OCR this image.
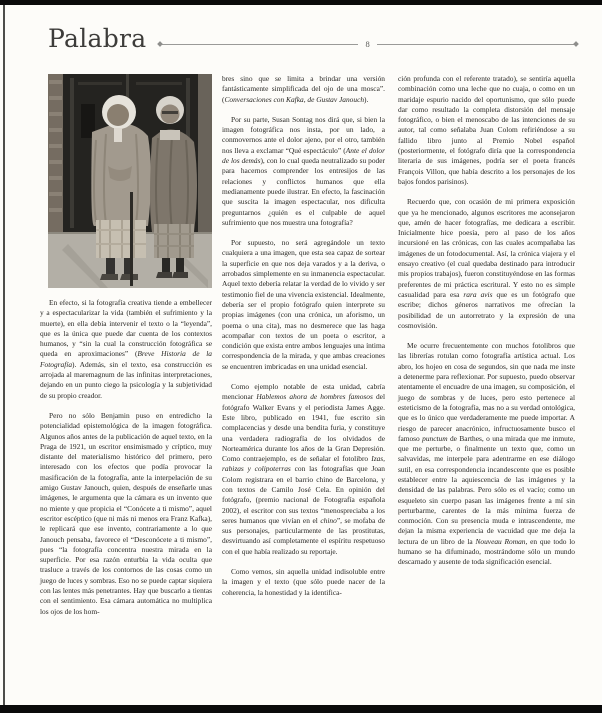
Palabra	8

En efecto, si la fotografía creativa tiende a embellecer y a espectacularizar la vida (también el sufrimiento y la muerte), en ella debía intervenir el texto o la “leyenda”, que es la única que puede dar cuenta de los contextos humanos, y “sin la cual la construcción fotográfica se queda en aproximaciones” (Breve Historia de la Fotografía). Además, sin el texto, esa construcción es arrojada al maremagnum de las infinitas interpretaciones, dejando en un punto ciego la psicología y la subjetividad de su propio creador.

Pero no sólo Benjamin puso en entredicho la potencialidad epistemológica de la imagen fotográfica. Algunos años antes de la publicación de aquel texto, en la Praga de 1921, un escritor ensimismado y críptico, muy distante del materialismo histórico del primero, pero interesado con los efectos que podía provocar la masificación de la fotografía, ante la interpelación de su amigo Gustav Janouch, quien, después de enseñarle unas imágenes, le argumenta que la cámara es un invento que no miente y que propicia el “Conócete a ti mismo”, aquel escritor escéptico (que ni más ni menos era Franz Kafka), le replicará que ese invento, contrariamente a lo que Janouch pensaba, favorece el “Desconócete a ti mismo”, pues “la fotografía concentra nuestra mirada en la superficie. Por esa razón enturbia la vida oculta que trasluce a través de los contornos de las cosas como un juego de luces y sombras. Eso no se puede captar siquiera con las lentes más penetrantes. Hay que buscarlo a tientas con el sentimiento. Esa cámara automática no multiplica los ojos de los hom-

bres sino que se limita a brindar una versión fantásticamente simplificada del ojo de una mosca”. (Conversaciones con Kafka, de Gustav Janouch).

Por su parte, Susan Sontag nos dirá que, si bien la imagen fotográfica nos insta, por un lado, a conmovernos ante el dolor ajeno, por el otro, también nos lleva a exclamar “Qué espectáculo” (Ante el dolor de los demás), con lo cual queda neutralizado su poder para hacernos comprender los entresijos de las relaciones y conflictos humanos que ella medianamente puede ilustrar. En efecto, la fascinación que suscita la imagen espectacular, nos dificulta preguntarnos ¿quién es el culpable de aquel sufrimiento que nos muestra una fotografía?

Por supuesto, no será agregándole un texto cualquiera a una imagen, que esta sea capaz de sortear la superficie en que nos deja varados y a la deriva, o arrobados simplemente en su inmanencia espectacular. Aquel texto debería relatar la verdad de lo vivido y ser testimonio fiel de una vivencia existencial. Idealmente, debería ser el propio fotógrafo quien interprete su propias imágenes (con una crónica, un aforismo, un poema o una cita), mas no desmerece que las haga acompañar con textos de un poeta o escritor, a condición que exista entre ambos lenguajes una íntima correspondencia de la mirada, y que ambas creaciones se encuentren imbricadas en una unidad esencial.

Como ejemplo notable de esta unidad, cabría mencionar Hablemos ahora de hombres famosos del fotógrafo Walker Evans y el periodista James Agge. Este libro, publicado en 1941, fue escrito sin complacencias y desde una bendita furia, y constituye una verdadera radiografía de los olvidados de Norteamérica durante los años de la Gran Depresión. Como contraejemplo, es de señalar el fotolibro Izas, rabizas y colipoterras con las fotografías que Joan Colom registrara en el barrio chino de Barcelona, y con textos de Camilo José Cela. En opinión del fotógrafo, (premio nacional de Fotografía española 2002), el escritor con sus textos “menospreciaba a los seres humanos que vivían en el chino”, se mofaba de sus personajes, particularmente de las prostitutas, desvirtuando así completamente el espíritu respetuoso con el que había realizado su reportaje.

Como vemos, sin aquella unidad indisoluble entre la imagen y el texto (que sólo puede nacer de la coherencia, la honestidad y la identifica-

ción profunda con el referente tratado), se sentiría aquella combinación como una leche que no cuaja, o como en un maridaje espurio nacido del oportunismo, que sólo puede dar como resultado la completa distorsión del mensaje fotográfico, o bien el menoscabo de las intenciones de su autor, tal como señalaba Juan Colom refiriéndose a su fallido libro junto al Premio Nobel español (posteriormente, el fotógrafo diría que la correspondencia literaria de sus imágenes, podría ser el poeta francés François Villon, que había descrito a los personajes de los bajos fondos parisinos).

Recuerdo que, con ocasión de mi primera exposición que ya he mencionado, algunos escritores me aconsejaron que, amén de hacer fotografías, me dedicara a escribir. Inicialmente hice poesía, pero al paso de los años incursioné en las crónicas, con las cuales acompañaba las imágenes de un fotodocumental. Así, la crónica viajera y el ensayo creativo (el cual quedaba destinado para introducir mis propios trabajos), fueron constituyéndose en las formas preferentes de mi práctica escritural. Y esto no es simple casualidad para esa rara avis que es un fotógrafo que escribe; dichos géneros narrativos me ofrecían la posibilidad de un autorretrato y la expresión de una cosmovisión.

Me ocurre frecuentemente con muchos fotolibros que las librerías rotulan como fotografía artística actual. Los abro, los hojeo en cosa de segundos, sin que nada me inste a detenerme para reflexionar. Por supuesto, puedo observar atentamente el encuadre de una imagen, su composición, el juego de sombras y de luces, pero esto pertenece al esteticismo de la fotografía, mas no a su verdad ontológica, que es lo único que verdaderamente me puede importar. A riesgo de parecer anacrónico, infructuosamente busco el famoso punctum de Barthes, o una mirada que me inmute, que me perturbe, o finalmente un texto que, como un salvavidas, me interpele para adentrarme en ese diálogo sutil, en esa correspondencia incandescente que es posible establecer entre la aquiescencia de las imágenes y la densidad de las palabras. Pero sólo es el vacío; como un esqueleto sin cuerpo pasan las imágenes frente a mí sin perturbarme, carentes de la más mínima fuerza de conmoción. Con su presencia muda e intrascendente, me dejan la misma experiencia de vacuidad que me deja la lectura de un libro de la Nouveau Roman, en que todo lo humano se ha difuminado, mostrándome sólo un mundo descarnado y ausente de toda significación esencial.
